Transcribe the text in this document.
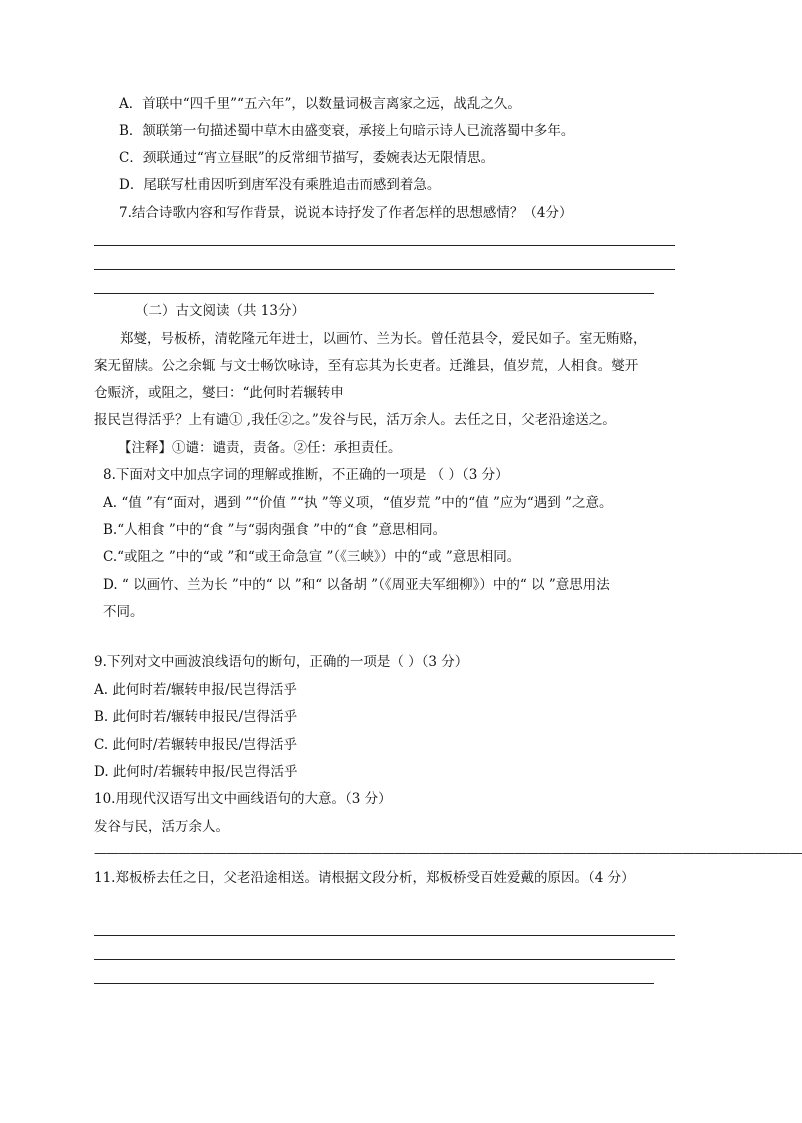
A．首联中“四千里”“五六年”，以数量词极言离家之远，战乱之久。
B．颔联第一句描述蜀中草木由盛变衰，承接上句暗示诗人已流落蜀中多年。
C．颈联通过“宵立昼眠”的反常细节描写，委婉表达无限情思。
D．尾联写杜甫因听到唐军没有乘胜追击而感到着急。
7.结合诗歌内容和写作背景，说说本诗抒发了作者怎样的思想感情？（4分）
（二）古文阅读（共 13分）
郑燮，号板桥，清乾隆元年进士，以画竹、兰为长。曾任范县令，爱民如子。室无贿赂，
案无留牍。公之余辄 与文士畅饮咏诗，至有忘其为长吏者。迁潍县，值岁荒，人相食。燮开
仓赈济，或阻之，燮曰：“此何时若辗转申
报民岂得活乎？上有谴① ,我任②之。”发谷与民，活万余人。去任之日，父老沿途送之。
【注释】①谴：谴责，责备。②任：承担责任。
8.下面对文中加点字词的理解或推断，不正确的一项是 （ ）（3 分）
A. “值 ”有“面对，遇到 ”“价值 ”“执 ”等义项，“值岁荒 ”中的“值 ”应为“遇到 ”之意。
B.“人相食 ”中的“食 ”与“弱肉强食 ”中的“食 ”意思相同。
C.“或阻之 ”中的“或 ”和“或王命急宣 ”（《三峡》）中的“或 ”意思相同。
D. “ 以画竹、兰为长 ”中的“ 以 ”和“ 以备胡 ”（《周亚夫军细柳》）中的“ 以 ”意思用法
不同。
9.下列对文中画波浪线语句的断句，正确的一项是（ ）（3 分）
A. 此何时若/辗转申报/民岂得活乎
B. 此何时若/辗转申报民/岂得活乎
C. 此何时/若辗转申报民/岂得活乎
D. 此何时/若辗转申报/民岂得活乎
10.用现代汉语写出文中画线语句的大意。（3 分）
发谷与民，活万余人。
———————————————————————————————————————————————————————————
11.郑板桥去任之日，父老沿途相送。请根据文段分析，郑板桥受百姓爱戴的原因。（4 分）
